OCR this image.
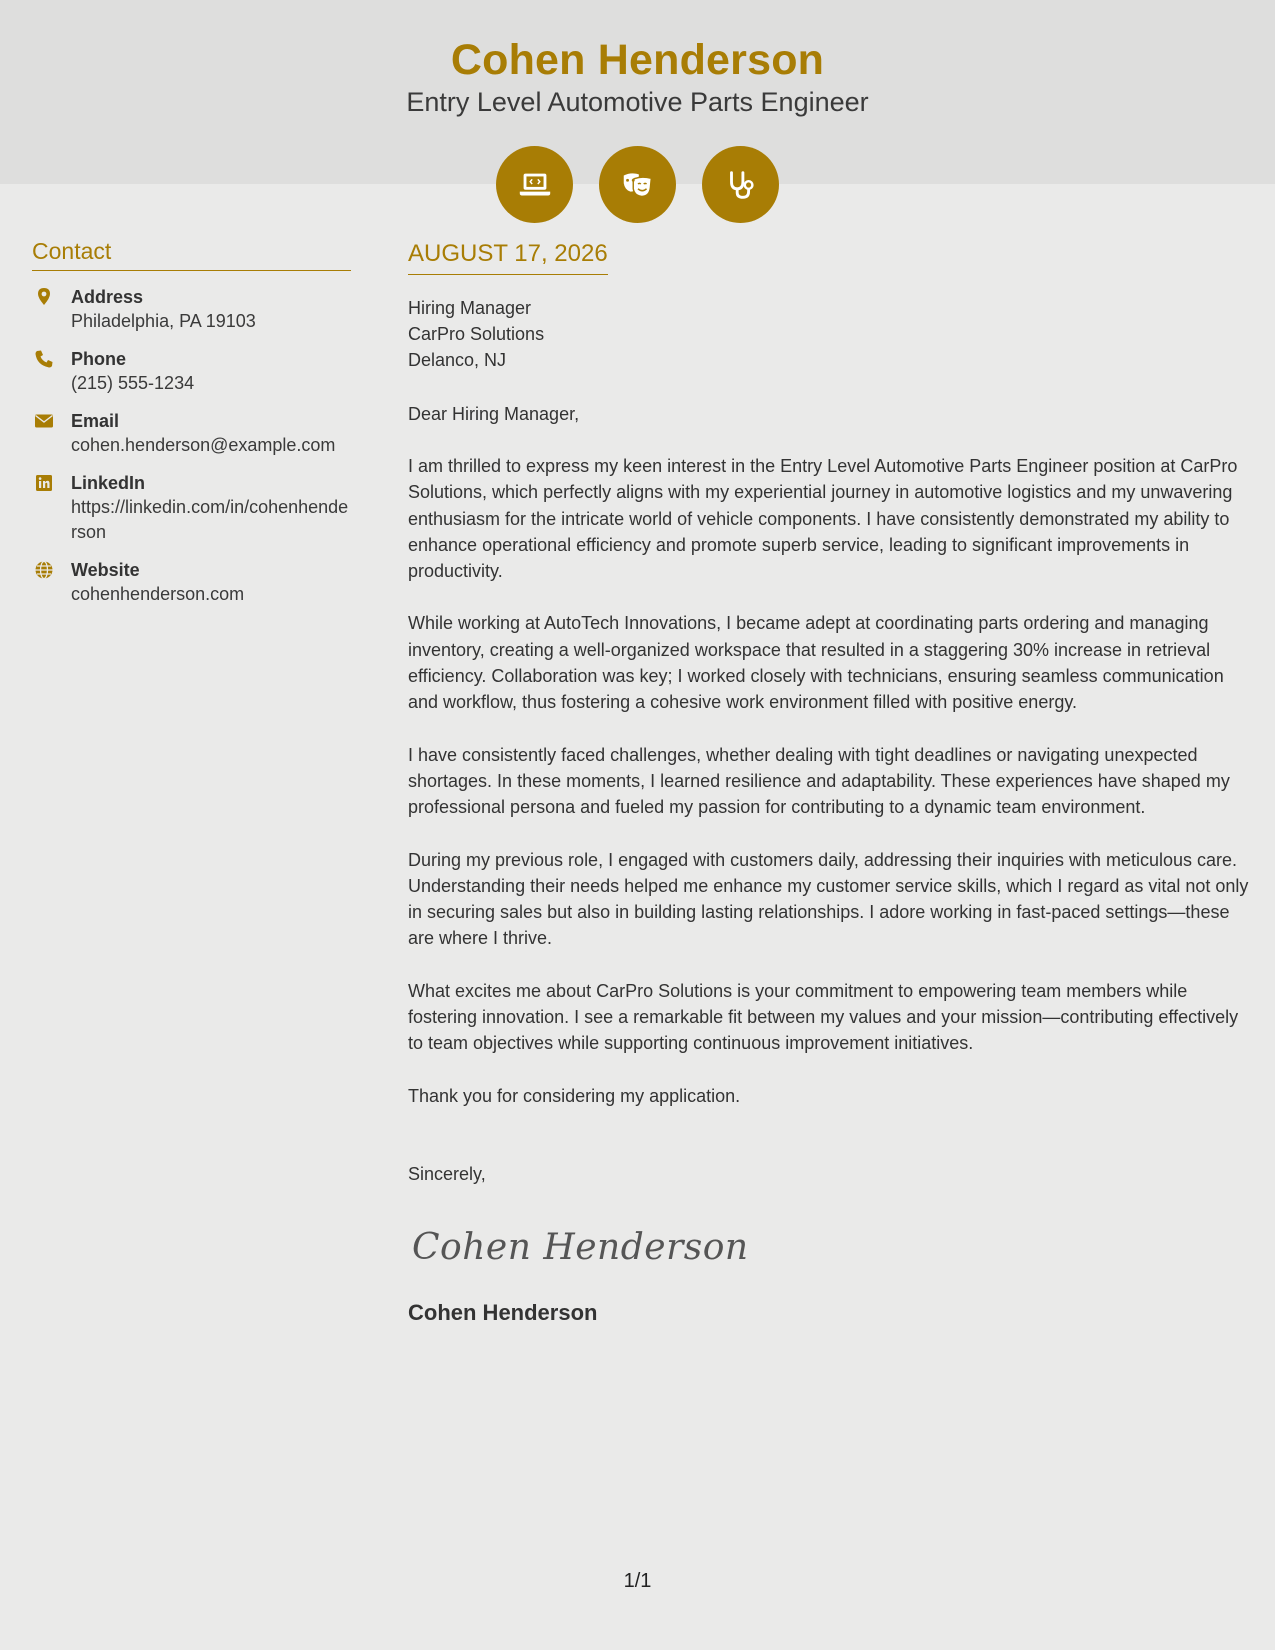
Cohen Henderson
Entry Level Automotive Parts Engineer
Contact
Address
Philadelphia, PA 19103
Phone
(215) 555-1234
Email
cohen.henderson@example.com
LinkedIn
https://linkedin.com/in/cohenhenderson
Website
cohenhenderson.com
AUGUST 17, 2026
Hiring Manager
CarPro Solutions
Delanco, NJ
Dear Hiring Manager,

I am thrilled to express my keen interest in the Entry Level Automotive Parts Engineer position at CarPro Solutions, which perfectly aligns with my experiential journey in automotive logistics and my unwavering enthusiasm for the intricate world of vehicle components. I have consistently demonstrated my ability to enhance operational efficiency and promote superb service, leading to significant improvements in productivity.

While working at AutoTech Innovations, I became adept at coordinating parts ordering and managing inventory, creating a well-organized workspace that resulted in a staggering 30% increase in retrieval efficiency. Collaboration was key; I worked closely with technicians, ensuring seamless communication and workflow, thus fostering a cohesive work environment filled with positive energy.

I have consistently faced challenges, whether dealing with tight deadlines or navigating unexpected shortages. In these moments, I learned resilience and adaptability. These experiences have shaped my professional persona and fueled my passion for contributing to a dynamic team environment.

During my previous role, I engaged with customers daily, addressing their inquiries with meticulous care. Understanding their needs helped me enhance my customer service skills, which I regard as vital not only in securing sales but also in building lasting relationships. I adore working in fast-paced settings—these are where I thrive.

What excites me about CarPro Solutions is your commitment to empowering team members while fostering innovation. I see a remarkable fit between my values and your mission—contributing effectively to team objectives while supporting continuous improvement initiatives.

Thank you for considering my application.

Sincerely,
Cohen Henderson
Cohen Henderson
1/1
